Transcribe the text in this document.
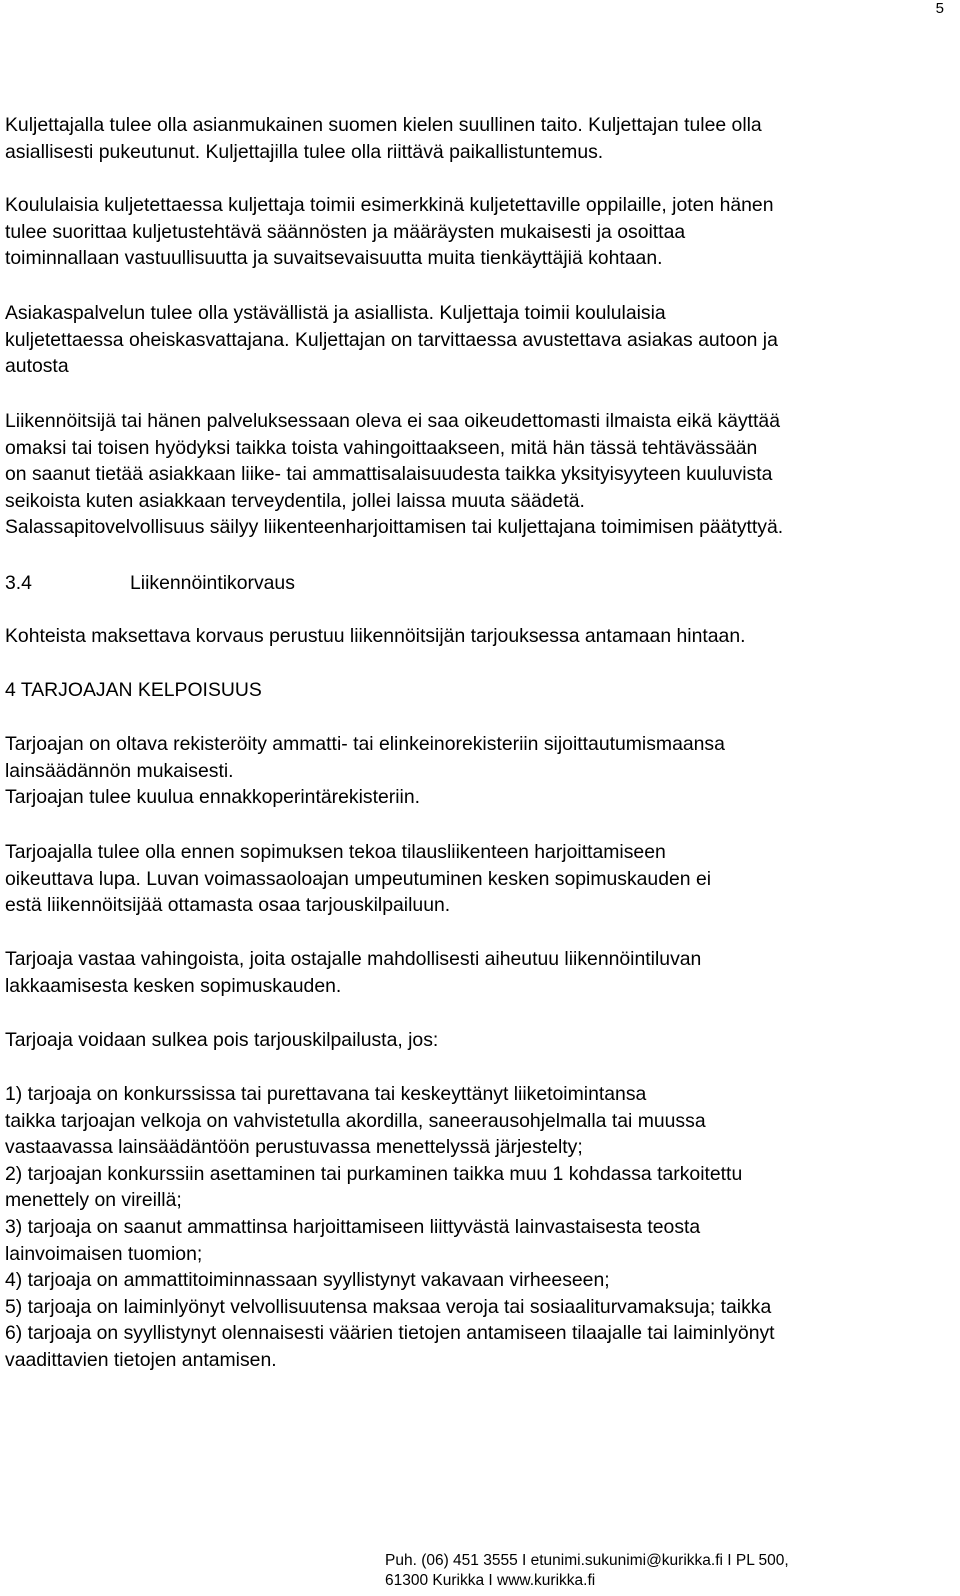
5
Kuljettajalla tulee olla asianmukainen suomen kielen suullinen taito. Kuljettajan tulee olla
asiallisesti pukeutunut. Kuljettajilla tulee olla riittävä paikallistuntemus.
Koululaisia kuljetettaessa kuljettaja toimii esimerkkinä kuljetettaville oppilaille, joten hänen
tulee suorittaa kuljetustehtävä säännösten ja määräysten mukaisesti ja osoittaa
toiminnallaan vastuullisuutta ja suvaitsevaisuutta muita tienkäyttäjiä kohtaan.
Asiakaspalvelun tulee olla ystävällistä ja asiallista. Kuljettaja toimii koululaisia
kuljetettaessa oheiskasvattajana. Kuljettajan on tarvittaessa avustettava asiakas autoon ja
autosta
Liikennöitsijä tai hänen palveluksessaan oleva ei saa oikeudettomasti ilmaista eikä käyttää
omaksi tai toisen hyödyksi taikka toista vahingoittaakseen, mitä hän tässä tehtävässään
on saanut tietää asiakkaan liike- tai ammattisalaisuudesta taikka yksityisyyteen kuuluvista
seikoista kuten asiakkaan terveydentila, jollei laissa muuta säädetä.
Salassapitovelvollisuus säilyy liikenteenharjoittamisen tai kuljettajana toimimisen päätyttyä.
3.4	Liikennöintikorvaus
Kohteista maksettava korvaus perustuu liikennöitsijän tarjouksessa antamaan hintaan.
4 TARJOAJAN KELPOISUUS
Tarjoajan on oltava rekisteröity ammatti- tai elinkeinorekisteriin sijoittautumismaansa
lainsäädännön mukaisesti.
Tarjoajan tulee kuulua ennakkoperintärekisteriin.
Tarjoajalla tulee olla ennen sopimuksen tekoa tilausliikenteen harjoittamiseen
oikeuttava lupa. Luvan voimassaoloajan umpeutuminen kesken sopimuskauden ei
estä liikennöitsijää ottamasta osaa tarjouskilpailuun.
Tarjoaja vastaa vahingoista, joita ostajalle mahdollisesti aiheutuu liikennöintiluvan
lakkaamisesta kesken sopimuskauden.
Tarjoaja voidaan sulkea pois tarjouskilpailusta, jos:
1) tarjoaja on konkurssissa tai purettavana tai keskeyttänyt liiketoimintansa
taikka tarjoajan velkoja on vahvistetulla akordilla, saneerausohjelmalla tai muussa
vastaavassa lainsäädäntöön perustuvassa menettelyssä järjestelty;
2) tarjoajan konkurssiin asettaminen tai purkaminen taikka muu 1 kohdassa tarkoitettu
menettely on vireillä;
3) tarjoaja on saanut ammattinsa harjoittamiseen liittyvästä lainvastaisesta teosta
lainvoimaisen tuomion;
4) tarjoaja on ammattitoiminnassaan syyllistynyt vakavaan virheeseen;
5) tarjoaja on laiminlyönyt velvollisuutensa maksaa veroja tai sosiaaliturvamaksuja; taikka
6) tarjoaja on syyllistynyt olennaisesti väärien tietojen antamiseen tilaajalle tai laiminlyönyt
vaadittavien tietojen antamisen.
Puh. (06) 451 3555 I etunimi.sukunimi@kurikka.fi I PL 500,
61300 Kurikka I www.kurikka.fi
